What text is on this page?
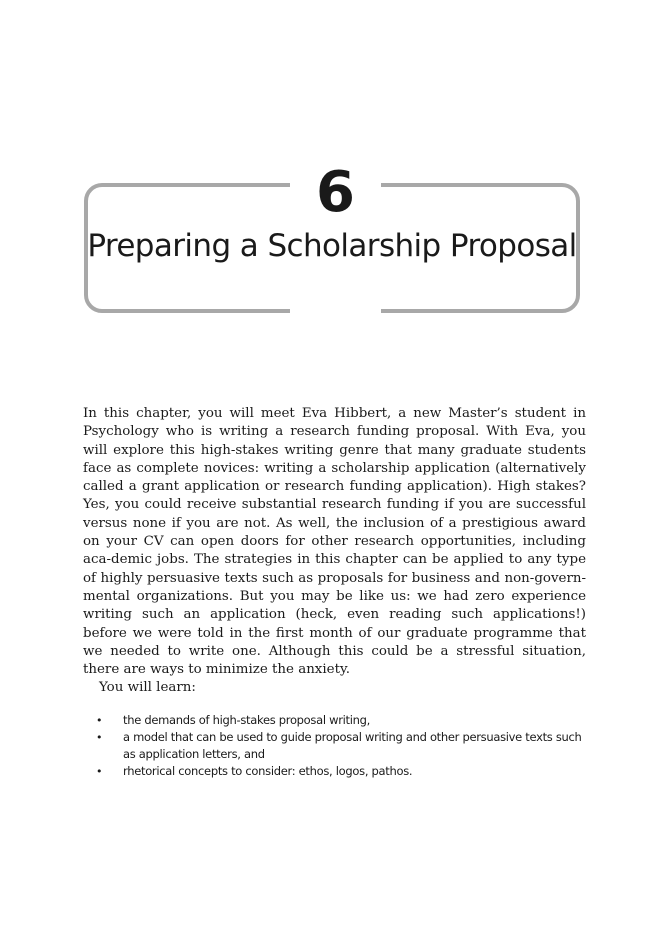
6
Preparing a Scholarship Proposal

In this chapter, you will meet Eva Hibbert, a new Master’s student in Psychology who is writing a research funding proposal. With Eva, you will explore this high-stakes writing genre that many graduate students face as complete novices: writing a scholarship application (alternatively called a grant application or research funding application). High stakes? Yes, you could receive substantial research funding if you are successful versus none if you are not. As well, the inclusion of a prestigious award on your CV can open doors for other research opportunities, including aca-demic jobs. The strategies in this chapter can be applied to any type of highly persuasive texts such as proposals for business and non-govern-mental organizations. But you may be like us: we had zero experience writing such an application (heck, even reading such applications!) before we were told in the first month of our graduate programme that we needed to write one. Although this could be a stressful situation, there are ways to minimize the anxiety.

You will learn:

• the demands of high-stakes proposal writing,
• a model that can be used to guide proposal writing and other persuasive texts such as application letters, and
• rhetorical concepts to consider: ethos, logos, pathos.
